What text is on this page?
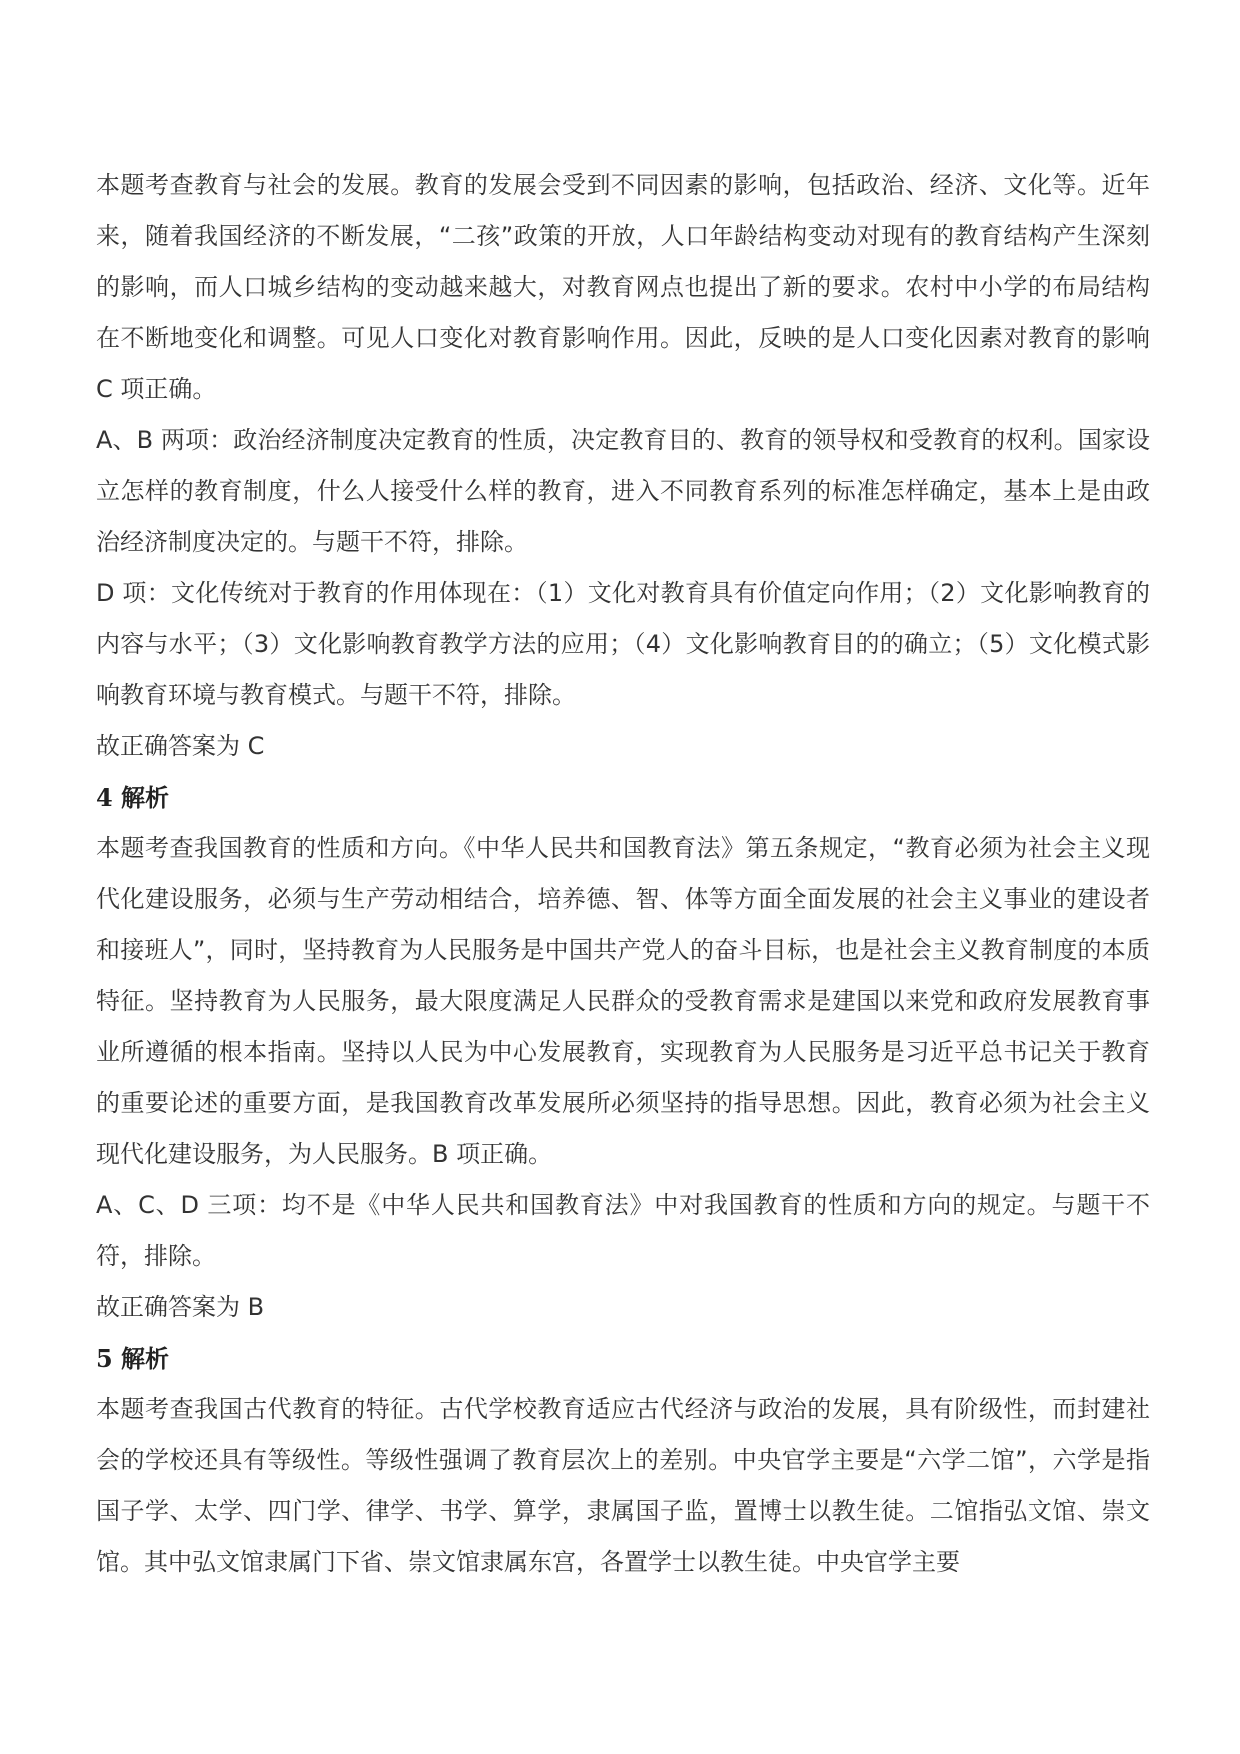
本题考查教育与社会的发展。教育的发展会受到不同因素的影响，包括政治、经济、文化等。近年来，随着我国经济的不断发展，“二孩”政策的开放，人口年龄结构变动对现有的教育结构产生深刻的影响，而人口城乡结构的变动越来越大，对教育网点也提出了新的要求。农村中小学的布局结构在不断地变化和调整。可见人口变化对教育影响作用。因此，反映的是人口变化因素对教育的影响 C 项正确。

A、B 两项：政治经济制度决定教育的性质，决定教育目的、教育的领导权和受教育的权利。国家设立怎样的教育制度，什么人接受什么样的教育，进入不同教育系列的标准怎样确定，基本上是由政治经济制度决定的。与题干不符，排除。

D 项：文化传统对于教育的作用体现在：（1）文化对教育具有价值定向作用；（2）文化影响教育的内容与水平；（3）文化影响教育教学方法的应用；（4）文化影响教育目的的确立；（5）文化模式影响教育环境与教育模式。与题干不符，排除。

故正确答案为 C

4 解析

本题考查我国教育的性质和方向。《中华人民共和国教育法》第五条规定，“教育必须为社会主义现代化建设服务，必须与生产劳动相结合，培养德、智、体等方面全面发展的社会主义事业的建设者和接班人”，同时，坚持教育为人民服务是中国共产党人的奋斗目标，也是社会主义教育制度的本质特征。坚持教育为人民服务，最大限度满足人民群众的受教育需求是建国以来党和政府发展教育事业所遵循的根本指南。坚持以人民为中心发展教育，实现教育为人民服务是习近平总书记关于教育的重要论述的重要方面，是我国教育改革发展所必须坚持的指导思想。因此，教育必须为社会主义现代化建设服务，为人民服务。B 项正确。

A、C、D 三项：均不是《中华人民共和国教育法》中对我国教育的性质和方向的规定。与题干不符，排除。

故正确答案为 B

5 解析

本题考查我国古代教育的特征。古代学校教育适应古代经济与政治的发展，具有阶级性，而封建社会的学校还具有等级性。等级性强调了教育层次上的差别。中央官学主要是“六学二馆”，六学是指国子学、太学、四门学、律学、书学、算学，隶属国子监，置博士以教生徒。二馆指弘文馆、崇文馆。其中弘文馆隶属门下省、崇文馆隶属东宫，各置学士以教生徒。中央官学主要
